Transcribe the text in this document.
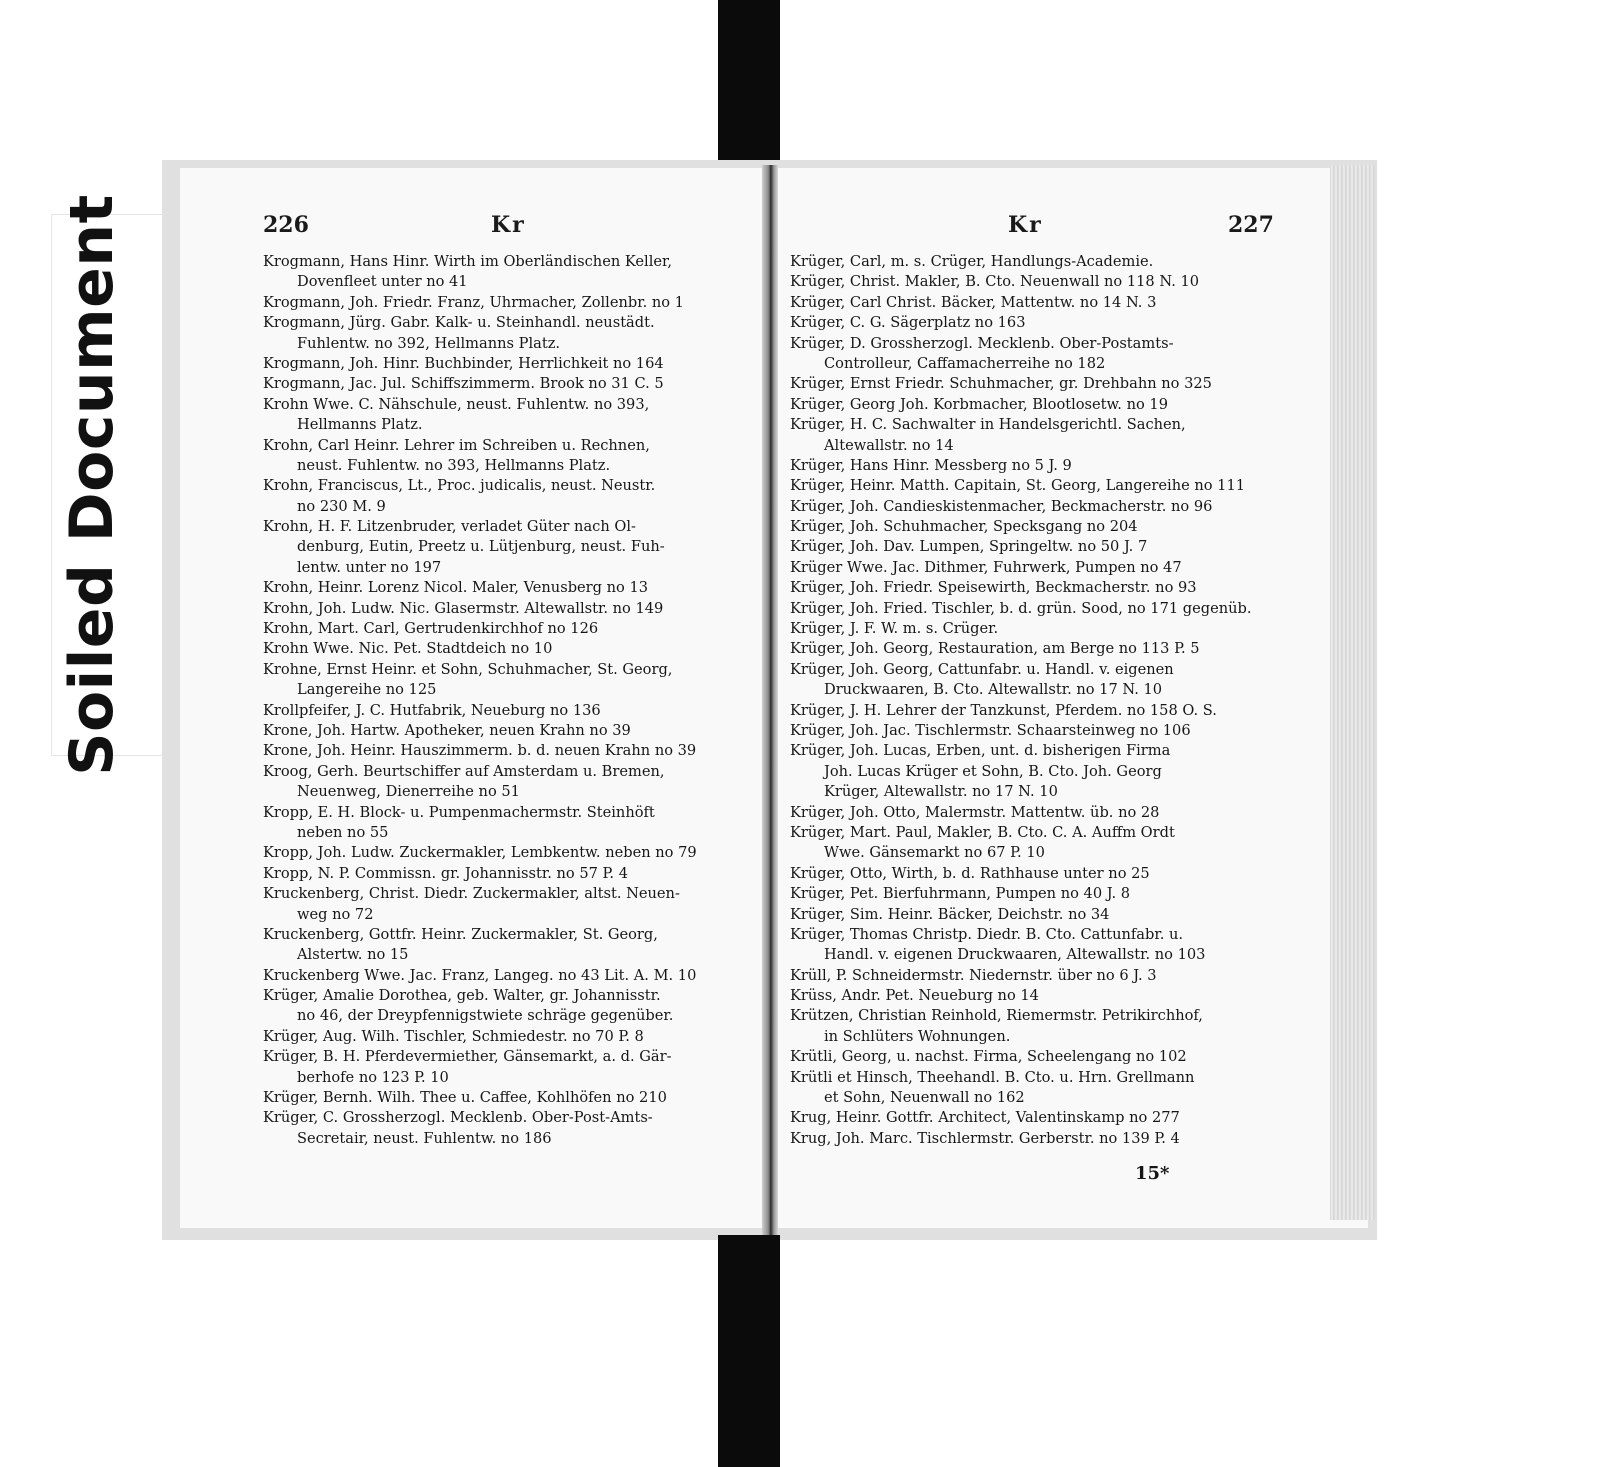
Soiled Document	226	Kr	Kr	227
Krogmann, Hans Hinr. Wirth im Oberländischen Keller,
Dovenfleet unter no 41
Krogmann, Joh. Friedr. Franz, Uhrmacher, Zollenbr. no 1
Krogmann, Jürg. Gabr. Kalk- u. Steinhandl. neustädt.
Fuhlentw. no 392, Hellmanns Platz.
Krogmann, Joh. Hinr. Buchbinder, Herrlichkeit no 164
Krogmann, Jac. Jul. Schiffszimmerm. Brook no 31 C. 5
Krohn Wwe. C. Nähschule, neust. Fuhlentw. no 393,
Hellmanns Platz.
Krohn, Carl Heinr. Lehrer im Schreiben u. Rechnen,
neust. Fuhlentw. no 393, Hellmanns Platz.
Krohn, Franciscus, Lt., Proc. judicalis, neust. Neustr.
no 230 M. 9
Krohn, H. F. Litzenbruder, verladet Güter nach Ol-
denburg, Eutin, Preetz u. Lütjenburg, neust. Fuh-
lentw. unter no 197
Krohn, Heinr. Lorenz Nicol. Maler, Venusberg no 13
Krohn, Joh. Ludw. Nic. Glasermstr. Altewallstr. no 149
Krohn, Mart. Carl, Gertrudenkirchhof no 126
Krohn Wwe. Nic. Pet. Stadtdeich no 10
Krohne, Ernst Heinr. et Sohn, Schuhmacher, St. Georg,
Langereihe no 125
Krollpfeifer, J. C. Hutfabrik, Neueburg no 136
Krone, Joh. Hartw. Apotheker, neuen Krahn no 39
Krone, Joh. Heinr. Hauszimmerm. b. d. neuen Krahn no 39
Kroog, Gerh. Beurtschiffer auf Amsterdam u. Bremen,
Neuenweg, Dienerreihe no 51
Kropp, E. H. Block- u. Pumpenmachermstr. Steinhöft
neben no 55
Kropp, Joh. Ludw. Zuckermakler, Lembkentw. neben no 79
Kropp, N. P. Commissn. gr. Johannisstr. no 57 P. 4
Kruckenberg, Christ. Diedr. Zuckermakler, altst. Neuen-
weg no 72
Kruckenberg, Gottfr. Heinr. Zuckermakler, St. Georg,
Alstertw. no 15
Kruckenberg Wwe. Jac. Franz, Langeg. no 43 Lit. A. M. 10
Krüger, Amalie Dorothea, geb. Walter, gr. Johannisstr.
no 46, der Dreypfennigstwiete schräge gegenüber.
Krüger, Aug. Wilh. Tischler, Schmiedestr. no 70 P. 8
Krüger, B. H. Pferdevermiether, Gänsemarkt, a. d. Gär-
berhofe no 123 P. 10
Krüger, Bernh. Wilh. Thee u. Caffee, Kohlhöfen no 210
Krüger, C. Grossherzogl. Mecklenb. Ober-Post-Amts-
Secretair, neust. Fuhlentw. no 186
Krüger, Carl, m. s. Crüger, Handlungs-Academie.
Krüger, Christ. Makler, B. Cto. Neuenwall no 118 N. 10
Krüger, Carl Christ. Bäcker, Mattentw. no 14 N. 3
Krüger, C. G. Sägerplatz no 163
Krüger, D. Grossherzogl. Mecklenb. Ober-Postamts-
Controlleur, Caffamacherreihe no 182
Krüger, Ernst Friedr. Schuhmacher, gr. Drehbahn no 325
Krüger, Georg Joh. Korbmacher, Blootlosetw. no 19
Krüger, H. C. Sachwalter in Handelsgerichtl. Sachen,
Altewallstr. no 14
Krüger, Hans Hinr. Messberg no 5 J. 9
Krüger, Heinr. Matth. Capitain, St. Georg, Langereihe no 111
Krüger, Joh. Candieskistenmacher, Beckmacherstr. no 96
Krüger, Joh. Schuhmacher, Specksgang no 204
Krüger, Joh. Dav. Lumpen, Springeltw. no 50 J. 7
Krüger Wwe. Jac. Dithmer, Fuhrwerk, Pumpen no 47
Krüger, Joh. Friedr. Speisewirth, Beckmacherstr. no 93
Krüger, Joh. Fried. Tischler, b. d. grün. Sood, no 171 gegenüb.
Krüger, J. F. W. m. s. Crüger.
Krüger, Joh. Georg, Restauration, am Berge no 113 P. 5
Krüger, Joh. Georg, Cattunfabr. u. Handl. v. eigenen
Druckwaaren, B. Cto. Altewallstr. no 17 N. 10
Krüger, J. H. Lehrer der Tanzkunst, Pferdem. no 158 O. S.
Krüger, Joh. Jac. Tischlermstr. Schaarsteinweg no 106
Krüger, Joh. Lucas, Erben, unt. d. bisherigen Firma
Joh. Lucas Krüger et Sohn, B. Cto. Joh. Georg
Krüger, Altewallstr. no 17 N. 10
Krüger, Joh. Otto, Malermstr. Mattentw. üb. no 28
Krüger, Mart. Paul, Makler, B. Cto. C. A. Auffm Ordt
Wwe. Gänsemarkt no 67 P. 10
Krüger, Otto, Wirth, b. d. Rathhause unter no 25
Krüger, Pet. Bierfuhrmann, Pumpen no 40 J. 8
Krüger, Sim. Heinr. Bäcker, Deichstr. no 34
Krüger, Thomas Christp. Diedr. B. Cto. Cattunfabr. u.
Handl. v. eigenen Druckwaaren, Altewallstr. no 103
Krüll, P. Schneidermstr. Niedernstr. über no 6 J. 3
Krüss, Andr. Pet. Neueburg no 14
Krützen, Christian Reinhold, Riemermstr. Petrikirchhof,
in Schlüters Wohnungen.
Krütli, Georg, u. nachst. Firma, Scheelengang no 102
Krütli et Hinsch, Theehandl. B. Cto. u. Hrn. Grellmann
et Sohn, Neuenwall no 162
Krug, Heinr. Gottfr. Architect, Valentinskamp no 277
Krug, Joh. Marc. Tischlermstr. Gerberstr. no 139 P. 4
15*
